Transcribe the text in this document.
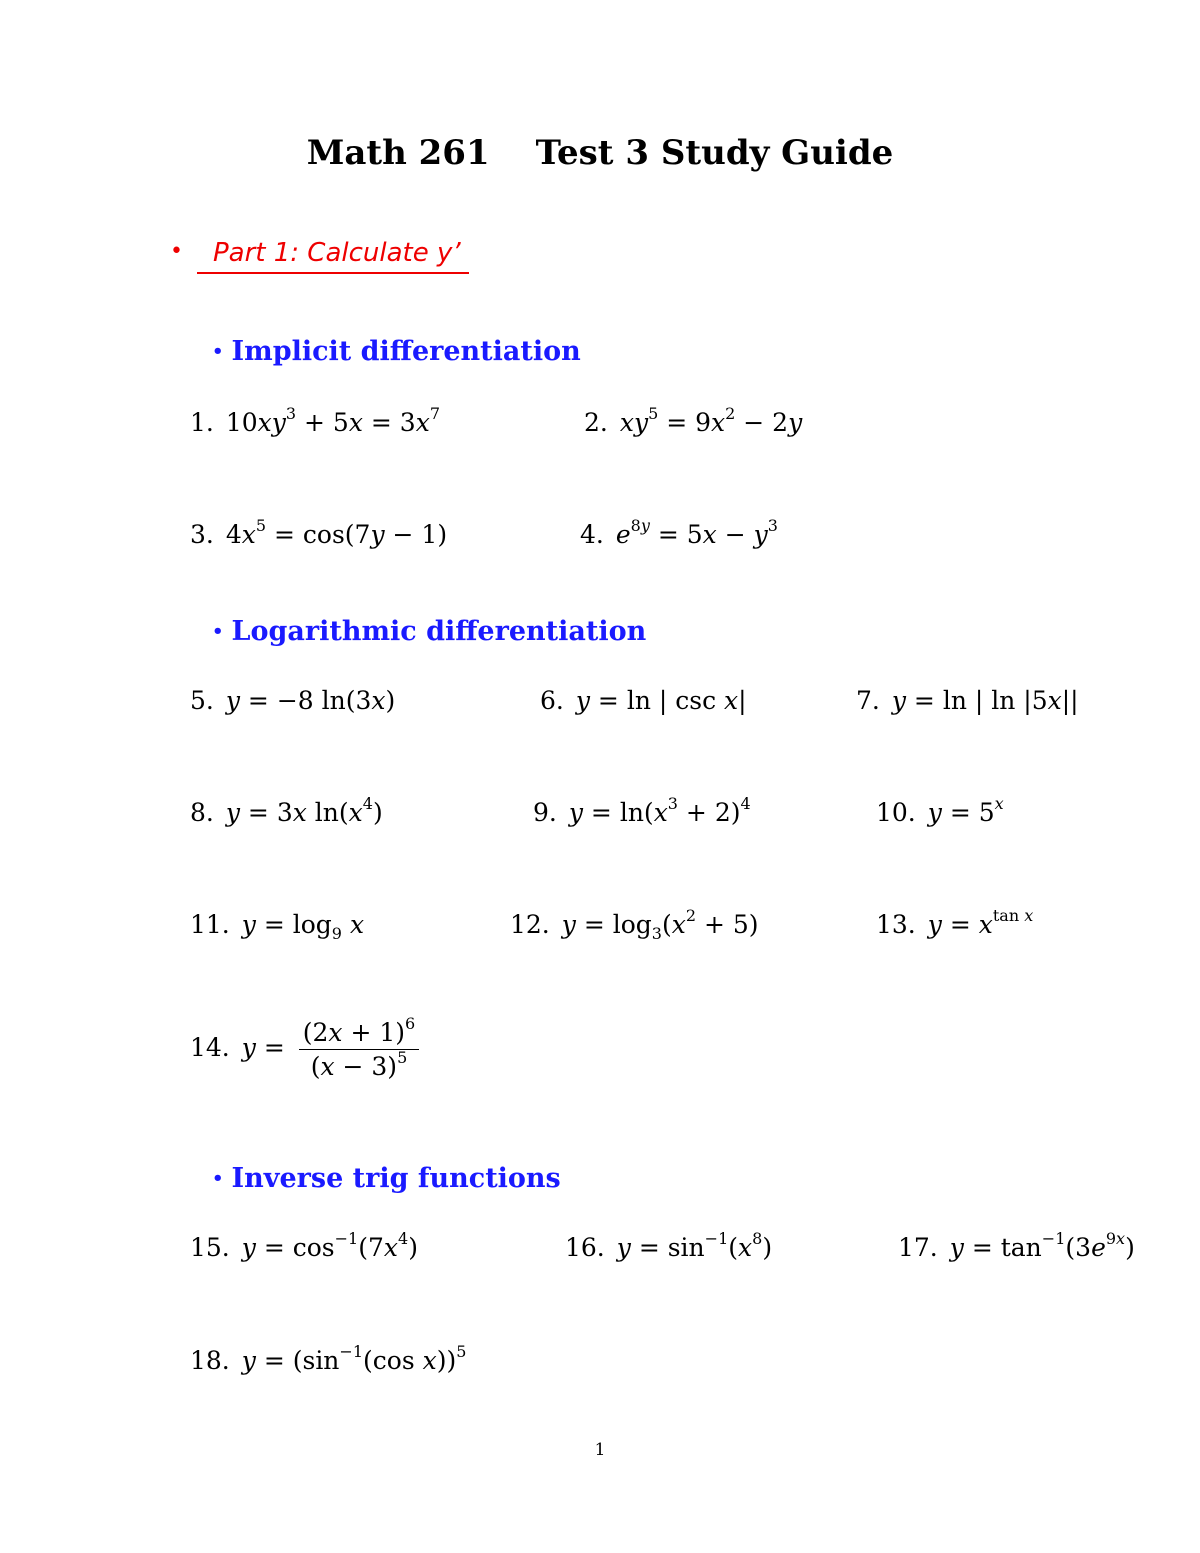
Math 261 Test 3 Study Guide
• Part 1: Calculate y’
• Implicit differentiation
1. $10xy^3 + 5x = 3x^7$	2. $xy^5 = 9x^2 - 2y$
3. $4x^5 = \cos(7y - 1)$	4. $e^{8y} = 5x - y^3$
• Logarithmic differentiation
5. y = −8 ln(3x)	6. y = ln | csc x|	7. y = ln | ln |5x||
8. y = 3x $\ln(x^4)$	9. $y = \ln(x^3 + 2)^4$	10. $y = 5^x$
11. $y = \log_9 x$	12. $y = \log_3(x^2 + 5)$	13. $y = x^{tan x}$
14. $y = \frac{(2x + 1)^6}{(x - 3)^5}$
• Inverse trig functions
15. $y = \cos^{-1}(7x^4)$	16. $y = \sin^{-1}(x^8)$	17. $y = \tan^{-1}(3e^{9x})$
18. $y = (\sin^{-1}(\cos$ x))$^5$
1
